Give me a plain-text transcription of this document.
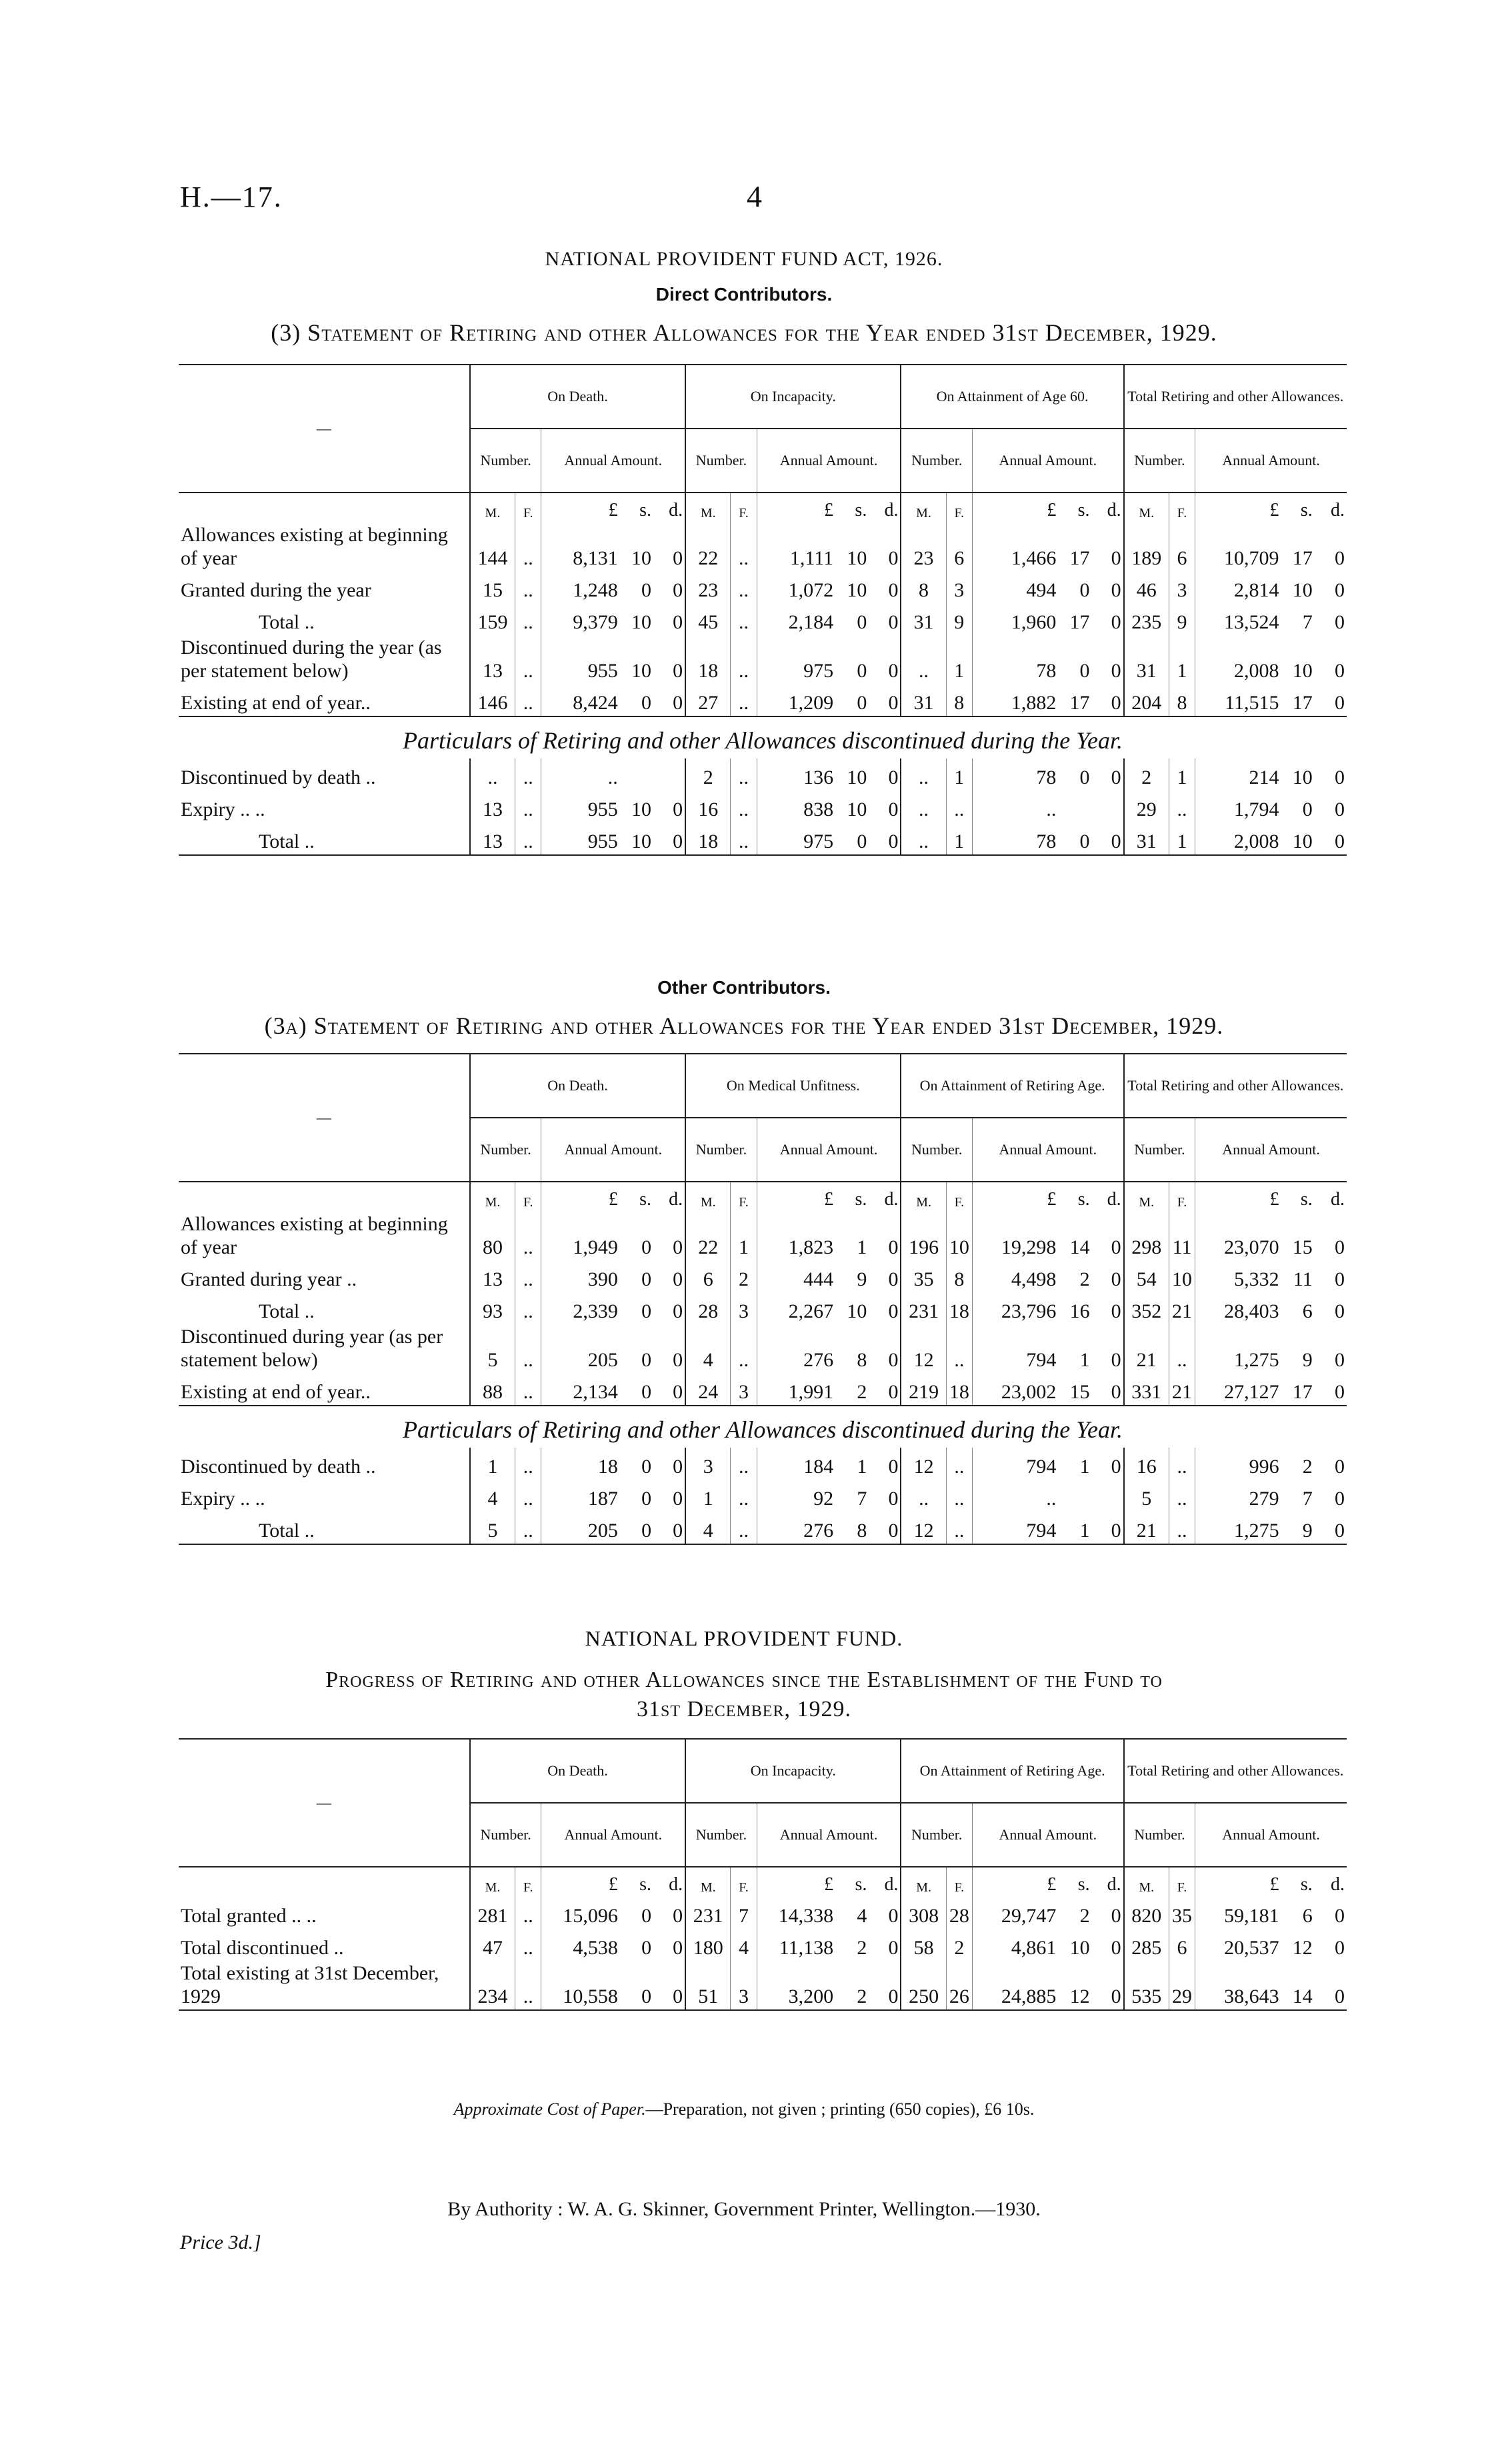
H.—17.	4
NATIONAL PROVIDENT FUND ACT, 1926.
Direct Contributors.
(3) Statement of Retiring and other Allowances for the Year ended 31st December, 1929.
—	On Death.					On Incapacity.					On Attainment of Age 60.					Total Retiring and other Allowances.				
	Number.		Annual Amount.			Number.		Annual Amount.			Number.		Annual Amount.			Number.		Annual Amount.		
	M.	F.	£	s.	d.	M.	F.	£	s.	d.	M.	F.	£	s.	d.	M.	F.	£	s.	d.
Allowances existing at beginning of year	144	..	8,131	10	0	22	..	1,111	10	0	23	6	1,466	17	0	189	6	10,709	17	0
Granted during the year	15	..	1,248	0	0	23	..	1,072	10	0	8	3	494	0	0	46	3	2,814	10	0
Total ..	159	..	9,379	10	0	45	..	2,184	0	0	31	9	1,960	17	0	235	9	13,524	7	0
Discontinued during the year (as per statement below)	13	..	955	10	0	18	..	975	0	0	..	1	78	0	0	31	1	2,008	10	0
Existing at end of year..	146	..	8,424	0	0	27	..	1,209	0	0	31	8	1,882	17	0	204	8	11,515	17	0
Particulars of Retiring and other Allowances discontinued during the Year.																				
Discontinued by death ..	..	..	..			2	..	136	10	0	..	1	78	0	0	2	1	214	10	0
Expiry .. ..	13	..	955	10	0	16	..	838	10	0	..	..	..			29	..	1,794	0	0
Total ..	13	..	955	10	0	18	..	975	0	0	..	1	78	0	0	31	1	2,008	10	0
—	On Death.					On Medical Unfitness.					On Attainment of Retiring Age.					Total Retiring and other Allowances.				
	Number.		Annual Amount.			Number.		Annual Amount.			Number.		Annual Amount.			Number.		Annual Amount.		
	M.	F.	£	s.	d.	M.	F.	£	s.	d.	M.	F.	£	s.	d.	M.	F.	£	s.	d.
Allowances existing at beginning of year	80	..	1,949	0	0	22	1	1,823	1	0	196	10	19,298	14	0	298	11	23,070	15	0
Granted during year ..	13	..	390	0	0	6	2	444	9	0	35	8	4,498	2	0	54	10	5,332	11	0
Total ..	93	..	2,339	0	0	28	3	2,267	10	0	231	18	23,796	16	0	352	21	28,403	6	0
Discontinued during year (as per statement below)	5	..	205	0	0	4	..	276	8	0	12	..	794	1	0	21	..	1,275	9	0
Existing at end of year..	88	..	2,134	0	0	24	3	1,991	2	0	219	18	23,002	15	0	331	21	27,127	17	0
Particulars of Retiring and other Allowances discontinued during the Year.																				
Discontinued by death ..	1	..	18	0	0	3	..	184	1	0	12	..	794	1	0	16	..	996	2	0
Expiry .. ..	4	..	187	0	0	1	..	92	7	0	..	..	..			5	..	279	7	0
Total ..	5	..	205	0	0	4	..	276	8	0	12	..	794	1	0	21	..	1,275	9	0
Other Contributors.
(3a) Statement of Retiring and other Allowances for the Year ended 31st December, 1929.
NATIONAL PROVIDENT FUND.
Progress of Retiring and other Allowances since the Establishment of the Fund to
31st December, 1929.
—	On Death.					On Incapacity.					On Attainment of Retiring Age.					Total Retiring and other Allowances.				
	Number.		Annual Amount.			Number.		Annual Amount.			Number.		Annual Amount.			Number.		Annual Amount.		
	M.	F.	£	s.	d.	M.	F.	£	s.	d.	M.	F.	£	s.	d.	M.	F.	£	s.	d.
Total granted .. ..	281	..	15,096	0	0	231	7	14,338	4	0	308	28	29,747	2	0	820	35	59,181	6	0
Total discontinued ..	47	..	4,538	0	0	180	4	11,138	2	0	58	2	4,861	10	0	285	6	20,537	12	0
Total existing at 31st December, 1929	234	..	10,558	0	0	51	3	3,200	2	0	250	26	24,885	12	0	535	29	38,643	14	0
Approximate Cost of Paper.—Preparation, not given ; printing (650 copies), £6 10s.
By Authority : W. A. G. Skinner, Government Printer, Wellington.—1930.
Price 3d.]
